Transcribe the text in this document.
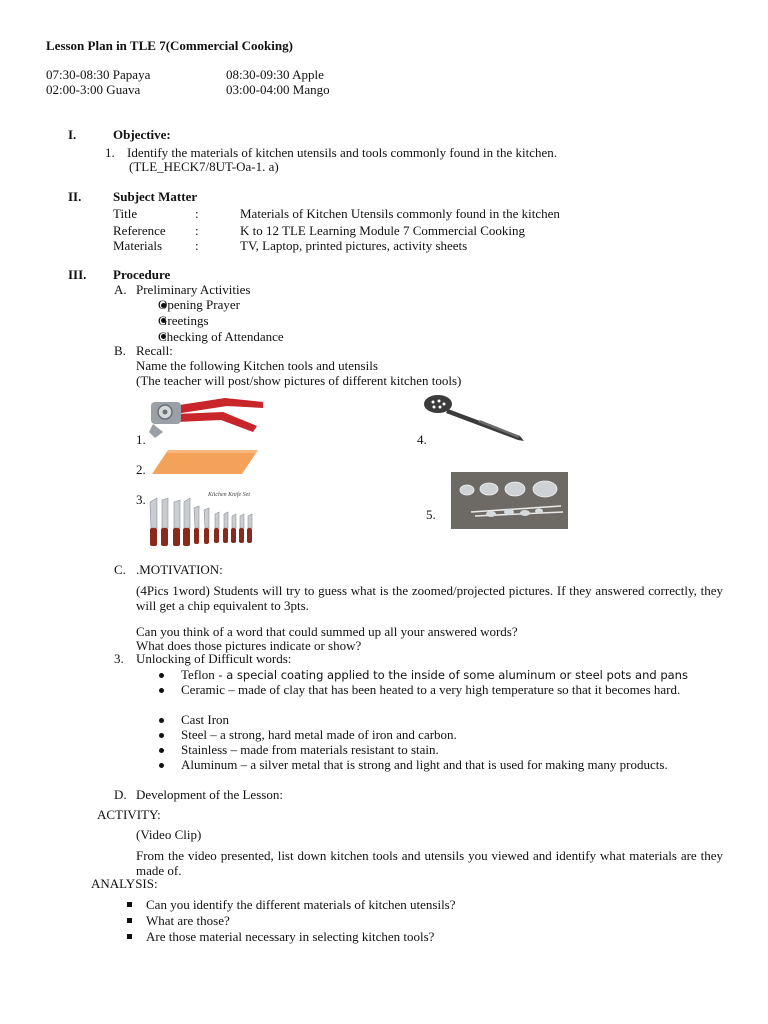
Lesson Plan in TLE 7(Commercial Cooking)
07:30-08:30 Papaya	08:30-09:30 Apple
02:00-3:00 Guava	03:00-04:00 Mango
I.	Objective:
1. Identify the materials of kitchen utensils and tools commonly found in the kitchen.
(TLE_HECK7/8UT-Oa-1. a)
II. Subject Matter
Title	:	Materials of Kitchen Utensils commonly found in the kitchen
Reference :	K to 12 TLE Learning Module 7 Commercial Cooking
Materials	:	TV, Laptop, printed pictures, activity sheets
III. Procedure
A. Preliminary Activities
Opening Prayer
Greetings
Checking of Attendance
B. Recall:
Name the following Kitchen tools and utensils
(The teacher will post/show pictures of different kitchen tools)
1.
2.
3.
4.
5.
Kitchen Knife Set
C. .MOTIVATION:
(4Pics 1word) Students will try to guess what is the zoomed/projected pictures. If they answered correctly, they will get a chip equivalent to 3pts.
Can you think of a word that could summed up all your answered words?
What does those pictures indicate or show?
3. Unlocking of Difficult words:
Teflon - a special coating applied to the inside of some aluminum or steel pots and pans
Ceramic – made of clay that has been heated to a very high temperature so that it becomes hard.
Cast Iron
Steel – a strong, hard metal made of iron and carbon.
Stainless – made from materials resistant to stain.
Aluminum – a silver metal that is strong and light and that is used for making many products.
D. Development of the Lesson:
ACTIVITY:
(Video Clip)
From the video presented, list down kitchen tools and utensils you viewed and identify what materials are they made of.
ANALYSIS:
Can you identify the different materials of kitchen utensils?
What are those?
Are those material necessary in selecting kitchen tools?
